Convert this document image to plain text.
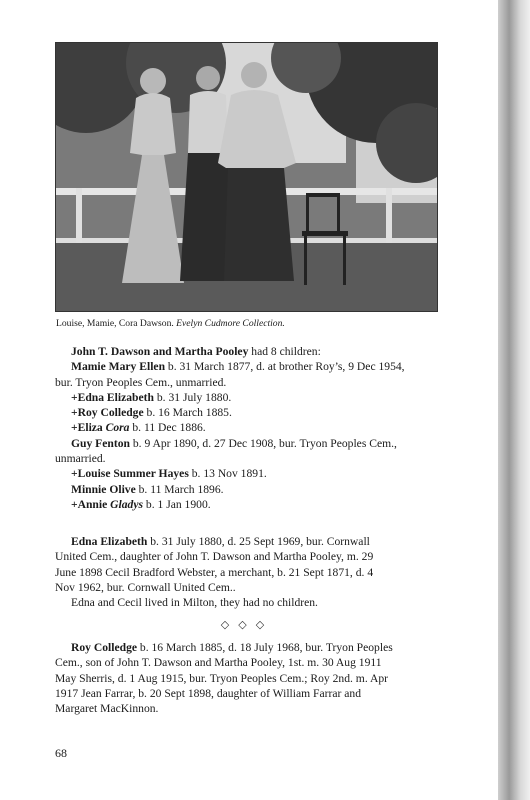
Louise, Mamie, Cora Dawson. Evelyn Cudmore Collection.

John T. Dawson and Martha Pooley had 8 children:

Mamie Mary Ellen b. 31 March 1877, d. at brother Roy’s, 9 Dec 1954,

bur. Tryon Peoples Cem., unmarried.

+Edna Elizabeth b. 31 July 1880.

+Roy Colledge b. 16 March 1885.

+Eliza Cora b. 11 Dec 1886.

Guy Fenton b. 9 Apr 1890, d. 27 Dec 1908, bur. Tryon Peoples Cem.,

unmarried.

+Louise Summer Hayes b. 13 Nov 1891.

Minnie Olive b. 11 March 1896.

+Annie Gladys b. 1 Jan 1900.

Edna Elizabeth b. 31 July 1880, d. 25 Sept 1969, bur. Cornwall

United Cem., daughter of John T. Dawson and Martha Pooley, m. 29

June 1898 Cecil Bradford Webster, a merchant, b. 21 Sept 1871, d. 4

Nov 1962, bur. Cornwall United Cem..

Edna and Cecil lived in Milton, they had no children.

◇◇◇

Roy Colledge b. 16 March 1885, d. 18 July 1968, bur. Tryon Peoples

Cem., son of John T. Dawson and Martha Pooley, 1st. m. 30 Aug 1911

May Sherris, d. 1 Aug 1915, bur. Tryon Peoples Cem.; Roy 2nd. m. Apr

1917 Jean Farrar, b. 20 Sept 1898, daughter of William Farrar and

Margaret MacKinnon.

68
